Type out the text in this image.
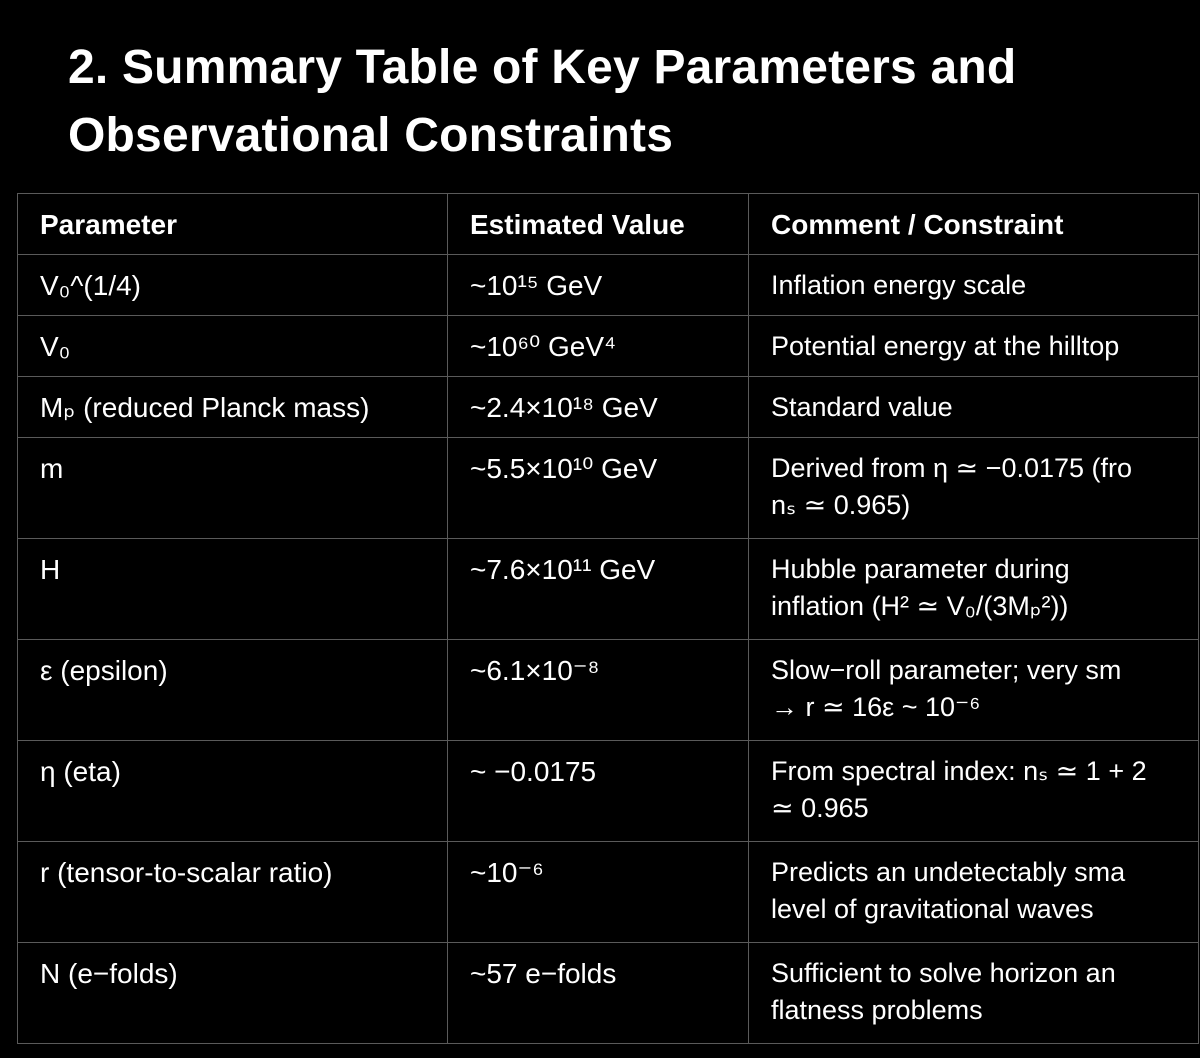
2. Summary Table of Key Parameters and
Observational Constraints
Parameter	Estimated Value	Comment / Constraint
V₀^(1/4)	~10¹⁵ GeV	Inflation energy scale

V₀	~10⁶⁰ GeV⁴	Potential energy at the hilltop

Mₚ (reduced Planck mass)	~2.4×10¹⁸ GeV	Standard value

m	~5.5×10¹⁰ GeV	Derived from η ≃ −0.0175 (fro
nₛ ≃ 0.965)

H	~7.6×10¹¹ GeV	Hubble parameter during
inflation (H² ≃ V₀/(3Mₚ²))

ε (epsilon)	~6.1×10⁻⁸	Slow−roll parameter; very sm
→ r ≃ 16ε ~ 10⁻⁶

η (eta)	~ −0.0175	From spectral index: nₛ ≃ 1 + 2
≃ 0.965

r (tensor-to-scalar ratio)	~10⁻⁶	Predicts an undetectably sma
level of gravitational waves

N (e−folds)	~57 e−folds	Sufficient to solve horizon an
flatness problems
